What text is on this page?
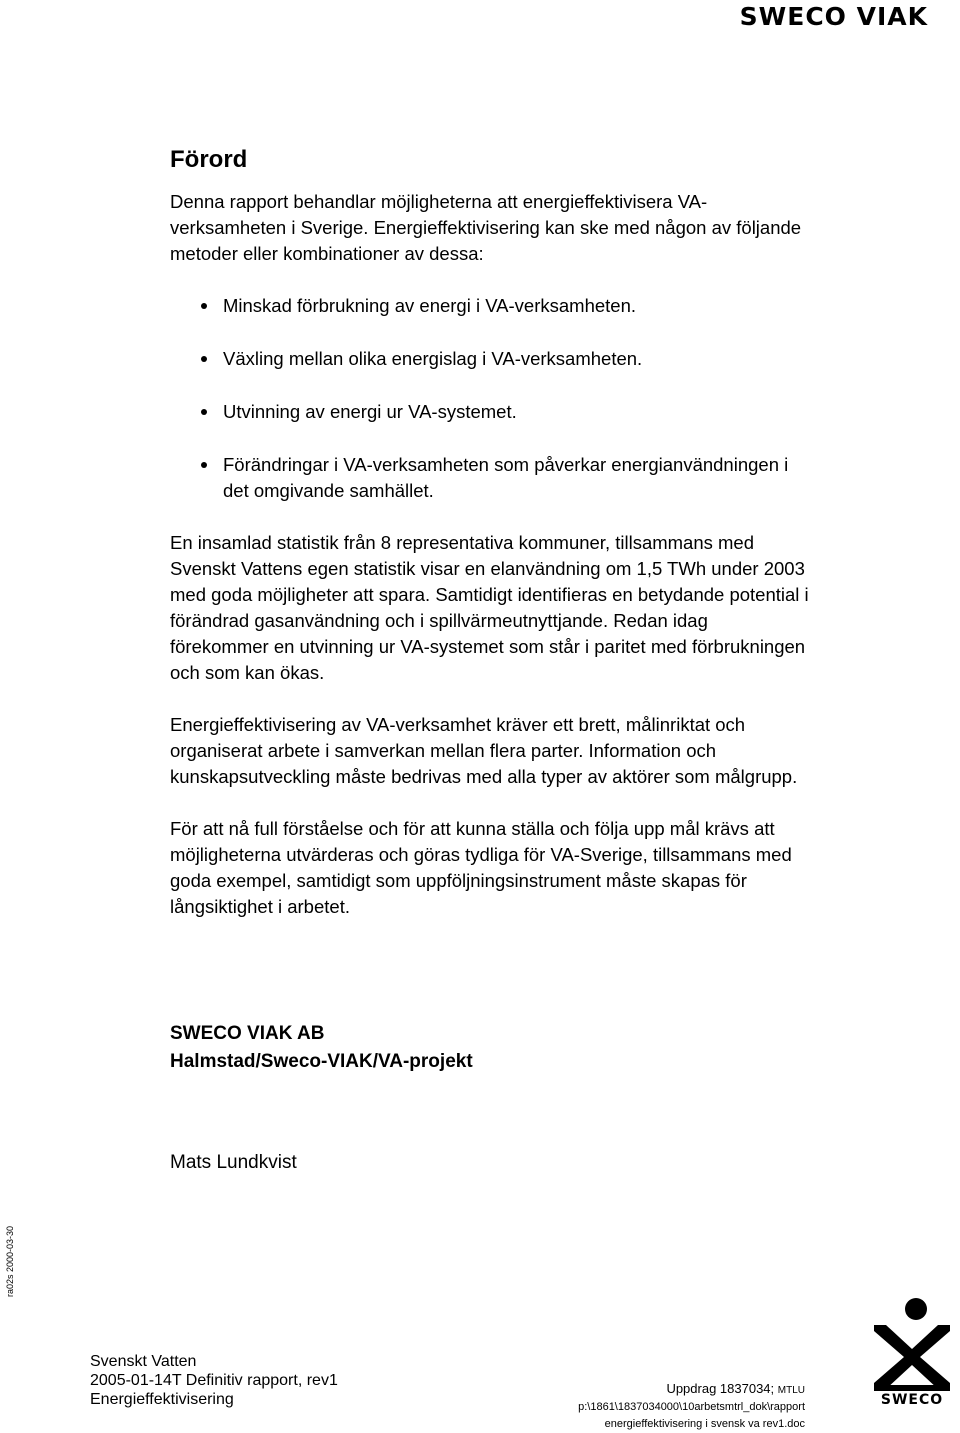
SWECO VIAK
Förord

Denna rapport behandlar möjligheterna att energieffektivisera VA-verksamheten i Sverige. Energieffektivisering kan ske med någon av följande metoder eller kombinationer av dessa:

Minskad förbrukning av energi i VA-verksamheten.
Växling mellan olika energislag i VA-verksamheten.
Utvinning av energi ur VA-systemet.
Förändringar i VA-verksamheten som påverkar energianvändningen i det omgivande samhället.

En insamlad statistik från 8 representativa kommuner, tillsammans med Svenskt Vattens egen statistik visar en elanvändning om 1,5 TWh under 2003 med goda möjligheter att spara. Samtidigt identifieras en betydande potential i förändrad gasanvändning och i spillvärmeutnyttjande. Redan idag förekommer en utvinning ur VA-systemet som står i paritet med förbrukningen och som kan ökas.

Energieffektivisering av VA-verksamhet kräver ett brett, målinriktat och organiserat arbete i samverkan mellan flera parter. Information och kunskapsutveckling måste bedrivas med alla typer av aktörer som målgrupp.

För att nå full förståelse och för att kunna ställa och följa upp mål krävs att möjligheterna utvärderas och göras tydliga för VA-Sverige, tillsammans med goda exempel, samtidigt som uppföljningsinstrument måste skapas för långsiktighet i arbetet.

SWECO VIAK AB
Halmstad/Sweco-VIAK/VA-projekt
Mats Lundkvist
ra02s 2000-03-30
Svenskt Vatten
2005-01-14T Definitiv rapport, rev1
Energieffektivisering
Uppdrag 1837034; MTLU
p:\1861\1837034000\10arbetsmtrl_dok\rapport
energieffektivisering i svensk va rev1.doc
SWECO
